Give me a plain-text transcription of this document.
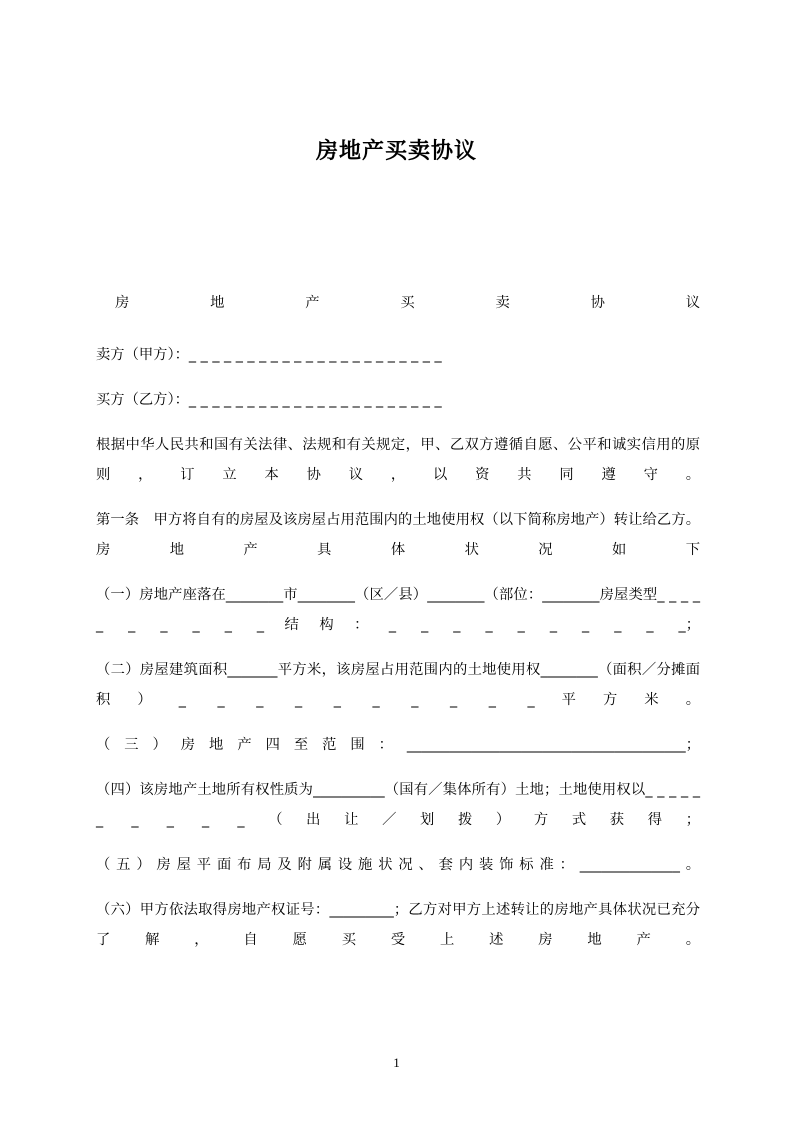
房地产买卖协议

　房　　　　地　　　　产　　　　买　　　　卖　　　　协　　　　议

卖方（甲方）：_ _ _ _ _ _ _ _ _ _ _ _ _ _ _ _ _ _ _ _ _ _

买方（乙方）：_ _ _ _ _ _ _ _ _ _ _ _ _ _ _ _ _ _ _ _ _ _

根据中华人民共和国有关法律、法规和有关规定，甲、乙双方遵循自愿、公平和诚实信用的原则，订立本协议，以资共同遵守。

第一条　甲方将自有的房屋及该房屋占用范围内的土地使用权（以下简称房地产）转让给乙方。房地产具体状况如下

（一）房地产座落在________市________（区／县）________（部位：________房屋类型_ _ _ _ _ _ _ _ _ _结构：_ _ _ _ _ _ _ _ _ _；

（二）房屋建筑面积_______平方米，该房屋占用范围内的土地使用权________（面积／分摊面积）_ _ _ _ _ _ _ _ _ _平方米。

（三）房地产四至范围：_______________________________________；

（四）该房地产土地所有权性质为__________（国有／集体所有）土地；土地使用权以_ _ _ _ _ _ _ _ _ _（出让／划拨）方式获得；

（五）房屋平面布局及附属设施状况、套内装饰标准：______________。

（六）甲方依法取得房地产权证号：_________；乙方对甲方上述转让的房地产具体状况已充分了解，自愿买受上述房地产。

1
